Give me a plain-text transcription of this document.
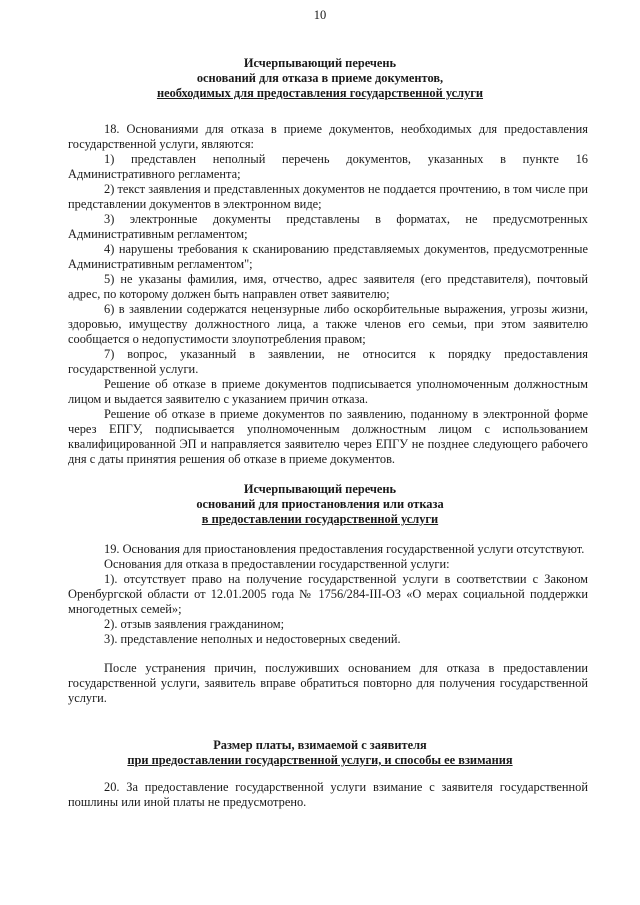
10
Исчерпывающий перечень
оснований для отказа в приеме документов,
необходимых для предоставления государственной услуги

18. Основаниями для отказа в приеме документов, необходимых для предоставления государственной услуги, являются:

1) представлен неполный перечень документов, указанных в пункте 16 Административного регламента;

2) текст заявления и представленных документов не поддается прочтению, в том числе при представлении документов в электронном виде;

3) электронные документы представлены в форматах, не предусмотренных Административным регламентом;

4) нарушены требования к сканированию представляемых документов, предусмотренные Административным регламентом";

5) не указаны фамилия, имя, отчество, адрес заявителя (его представителя), почтовый адрес, по которому должен быть направлен ответ заявителю;

6) в заявлении содержатся нецензурные либо оскорбительные выражения, угрозы жизни, здоровью, имуществу должностного лица, а также членов его семьи, при этом заявителю сообщается о недопустимости злоупотребления правом;

7) вопрос, указанный в заявлении, не относится к порядку предоставления государственной услуги.

Решение об отказе в приеме документов подписывается уполномоченным должностным лицом и выдается заявителю с указанием причин отказа.

Решение об отказе в приеме документов по заявлению, поданному в электронной форме через ЕПГУ, подписывается уполномоченным должностным лицом с использованием квалифицированной ЭП и направляется заявителю через ЕПГУ не позднее следующего рабочего дня с даты принятия решения об отказе в приеме документов.

Исчерпывающий перечень
оснований для приостановления или отказа
в предоставлении государственной услуги

19. Основания для приостановления предоставления государственной услуги отсутствуют.

Основания для отказа в предоставлении государственной услуги:

1). отсутствует право на получение государственной услуги в соответствии с Законом Оренбургской области от 12.01.2005 года № 1756/284-III-ОЗ «О мерах социальной поддержки многодетных семей»;

2). отзыв заявления гражданином;

3). представление неполных и недостоверных сведений.

После устранения причин, послуживших основанием для отказа в предоставлении государственной услуги, заявитель вправе обратиться повторно для получения государственной услуги.

Размер платы, взимаемой с заявителя
при предоставлении государственной услуги, и способы ее взимания

20. За предоставление государственной услуги взимание с заявителя государственной пошлины или иной платы не предусмотрено.
